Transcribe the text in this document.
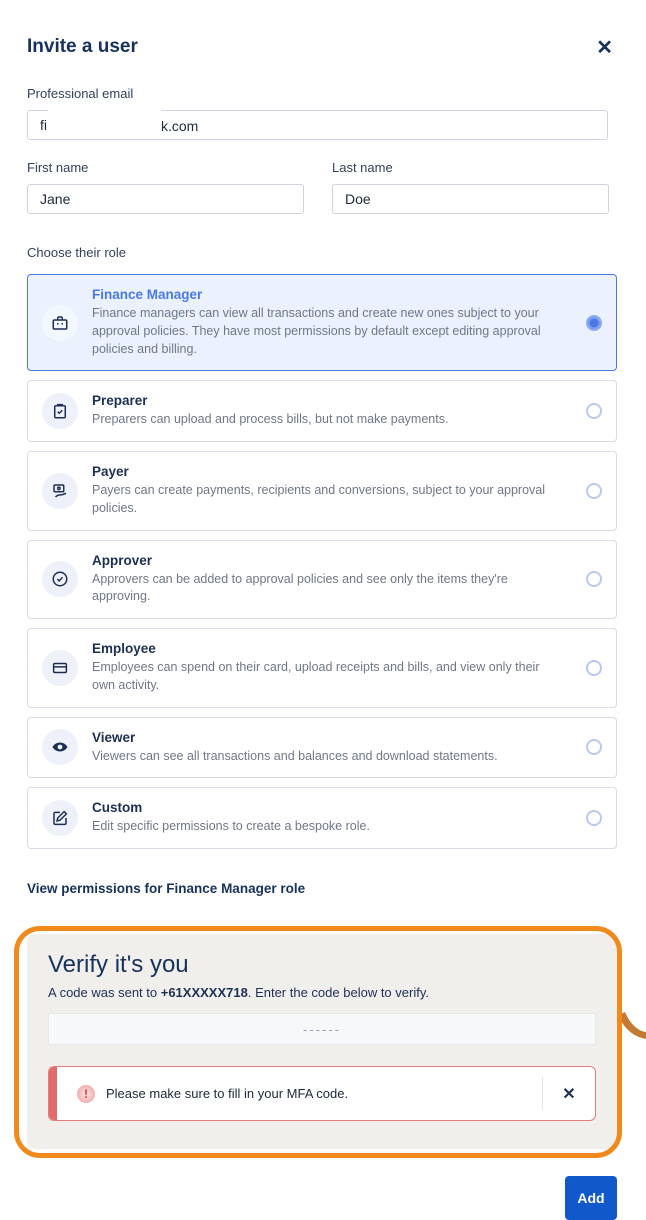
Invite a user	✕
Professional email
fi	k.com
First name
Jane
Last name
Doe
Choose their role
Finance Manager
Finance managers can view all transactions and create new ones subject to your approval policies. They have most permissions by default except editing approval policies and billing.
Preparer
Preparers can upload and process bills, but not make payments.
Payer
Payers can create payments, recipients and conversions, subject to your approval policies.
Approver
Approvers can be added to approval policies and see only the items they're approving.
Employee
Employees can spend on their card, upload receipts and bills, and view only their own activity.
Viewer
Viewers can see all transactions and balances and download statements.
Custom
Edit specific permissions to create a bespoke role.
View permissions for Finance Manager role
Verify it's you
A code was sent to +61XXXXX718. Enter the code below to verify.
------
!	Please make sure to fill in your MFA code.	✕
Add
